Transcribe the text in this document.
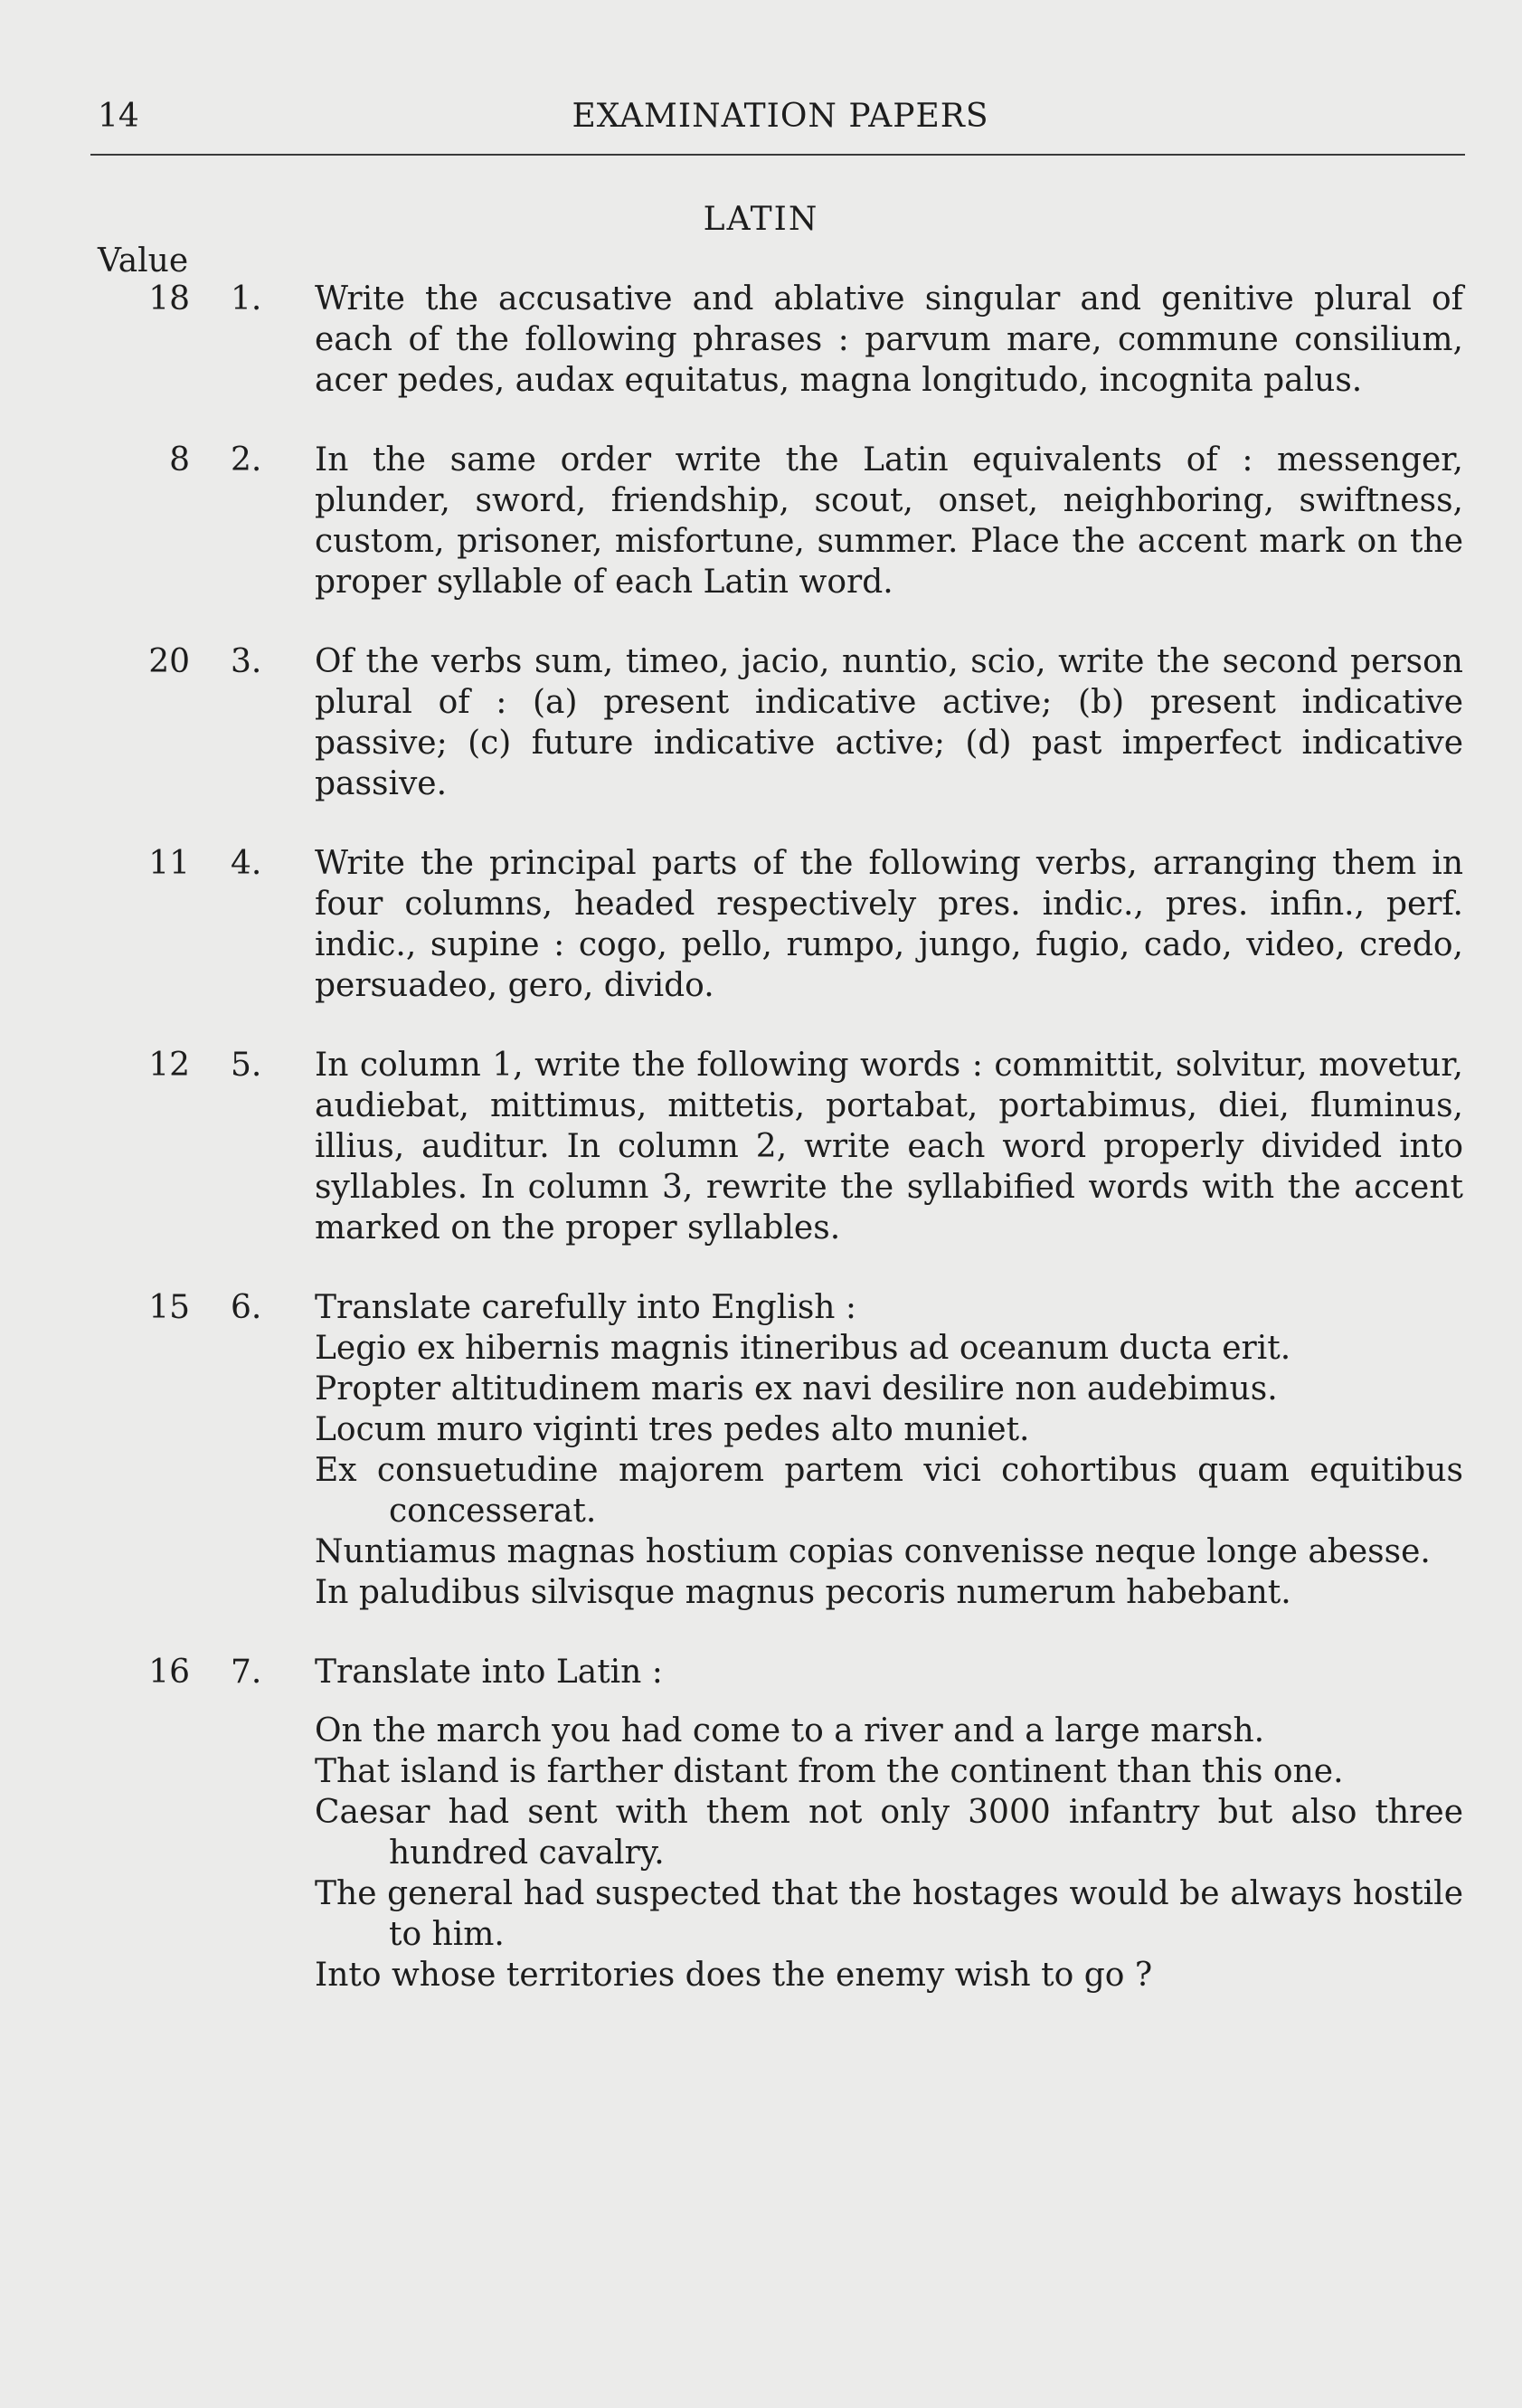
14	EXAMINATION PAPERS
LATIN
Value
18 1. Write the accusative and ablative singular and genitive plural of each of the following phrases : parvum mare, commune consilium, acer pedes, audax equitatus, magna longitudo, incognita palus.
8 2. In the same order write the Latin equivalents of : messenger, plunder, sword, friendship, scout, onset, neighboring, swiftness, custom, prisoner, misfortune, summer. Place the accent mark on the proper syllable of each Latin word.
20 3. Of the verbs sum, timeo, jacio, nuntio, scio, write the second person plural of : (a) present indicative active; (b) present indicative passive; (c) future indicative active; (d) past imperfect indicative passive.
11 4. Write the principal parts of the following verbs, arranging them in four columns, headed respectively pres. indic., pres. infin., perf. indic., supine : cogo, pello, rumpo, jungo, fugio, cado, video, credo, persuadeo, gero, divido.
12 5. In column 1, write the following words : committit, solvitur, movetur, audiebat, mittimus, mittetis, portabat, portabimus, diei, fluminus, illius, auditur. In column 2, write each word properly divided into syllables. In column 3, rewrite the syllabified words with the accent marked on the proper syllables.
15 6. Translate carefully into English :
Legio ex hibernis magnis itineribus ad oceanum ducta erit.
Propter altitudinem maris ex navi desilire non audebimus.
Locum muro viginti tres pedes alto muniet.
Ex consuetudine majorem partem vici cohortibus quam equitibus concesserat.
Nuntiamus magnas hostium copias convenisse neque longe abesse.
In paludibus silvisque magnus pecoris numerum habebant.
16 7. Translate into Latin :
On the march you had come to a river and a large marsh.
That island is farther distant from the continent than this one.
Caesar had sent with them not only 3000 infantry but also three hundred cavalry.
The general had suspected that the hostages would be always hostile to him.
Into whose territories does the enemy wish to go ?
